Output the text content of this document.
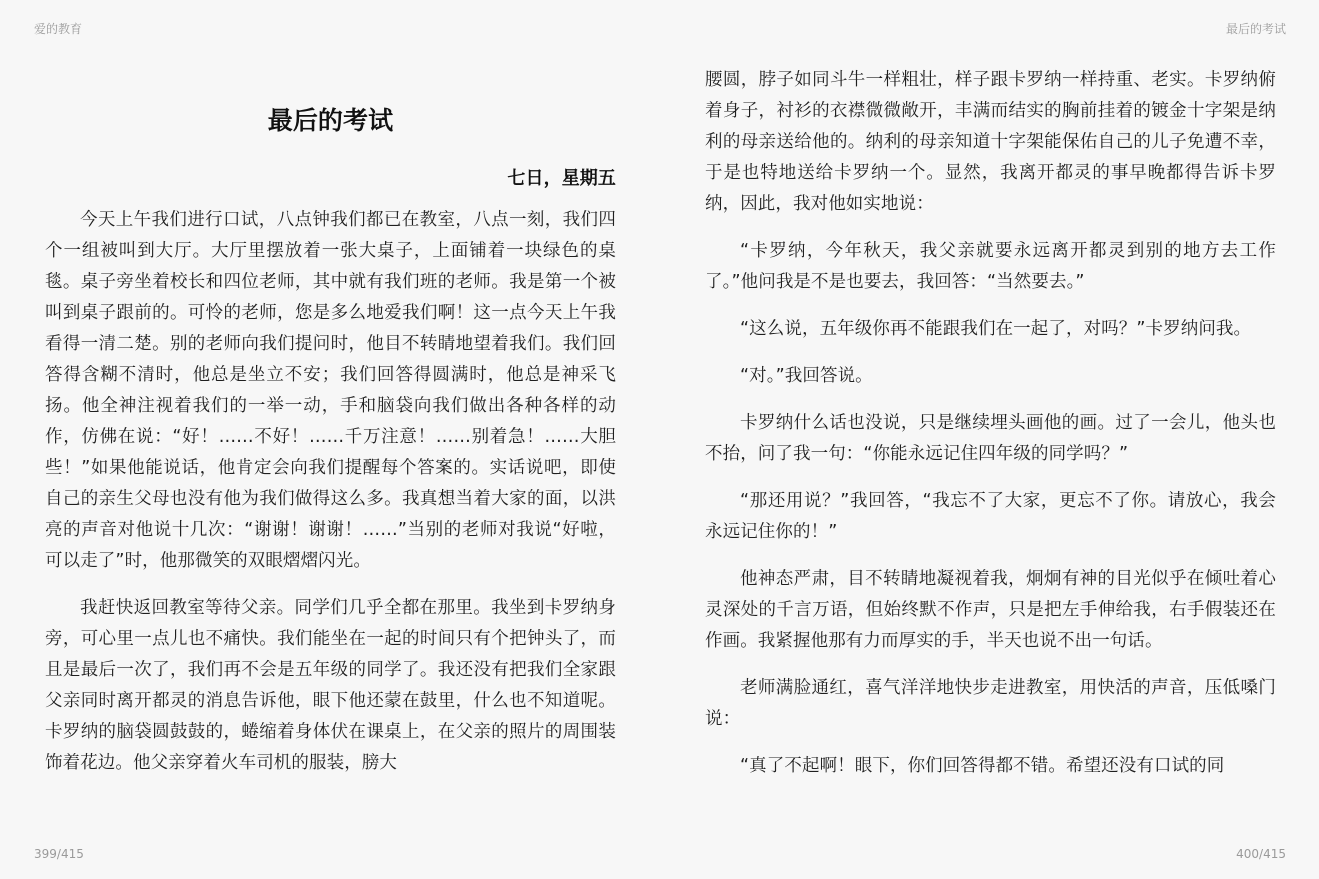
爱的教育	最后的考试
最后的考试
七日，星期五

今天上午我们进行口试，八点钟我们都已在教室，八点一刻，我们四个一组被叫到大厅。大厅里摆放着一张大桌子，上面铺着一块绿色的桌毯。桌子旁坐着校长和四位老师，其中就有我们班的老师。我是第一个被叫到桌子跟前的。可怜的老师，您是多么地爱我们啊！这一点今天上午我看得一清二楚。别的老师向我们提问时，他目不转睛地望着我们。我们回答得含糊不清时，他总是坐立不安；我们回答得圆满时，他总是神采飞扬。他全神注视着我们的一举一动，手和脑袋向我们做出各种各样的动作，仿佛在说：“好！……不好！……千万注意！……别着急！……大胆些！”如果他能说话，他肯定会向我们提醒每个答案的。实话说吧，即使自己的亲生父母也没有他为我们做得这么多。我真想当着大家的面，以洪亮的声音对他说十几次：“谢谢！谢谢！……”当别的老师对我说“好啦，可以走了”时，他那微笑的双眼熠熠闪光。

我赶快返回教室等待父亲。同学们几乎全都在那里。我坐到卡罗纳身旁，可心里一点儿也不痛快。我们能坐在一起的时间只有个把钟头了，而且是最后一次了，我们再不会是五年级的同学了。我还没有把我们全家跟父亲同时离开都灵的消息告诉他，眼下他还蒙在鼓里，什么也不知道呢。卡罗纳的脑袋圆鼓鼓的，蜷缩着身体伏在课桌上，在父亲的照片的周围装饰着花边。他父亲穿着火车司机的服装，膀大

腰圆，脖子如同斗牛一样粗壮，样子跟卡罗纳一样持重、老实。卡罗纳俯着身子，衬衫的衣襟微微敞开，丰满而结实的胸前挂着的镀金十字架是纳利的母亲送给他的。纳利的母亲知道十字架能保佑自己的儿子免遭不幸，于是也特地送给卡罗纳一个。显然，我离开都灵的事早晚都得告诉卡罗纳，因此，我对他如实地说：

“卡罗纳，今年秋天，我父亲就要永远离开都灵到别的地方去工作了。”他问我是不是也要去，我回答：“当然要去。”

“这么说，五年级你再不能跟我们在一起了，对吗？”卡罗纳问我。

“对。”我回答说。

卡罗纳什么话也没说，只是继续埋头画他的画。过了一会儿，他头也不抬，问了我一句：“你能永远记住四年级的同学吗？”

“那还用说？”我回答，“我忘不了大家，更忘不了你。请放心，我会永远记住你的！”

他神态严肃，目不转睛地凝视着我，炯炯有神的目光似乎在倾吐着心灵深处的千言万语，但始终默不作声，只是把左手伸给我，右手假装还在作画。我紧握他那有力而厚实的手，半天也说不出一句话。

老师满脸通红，喜气洋洋地快步走进教室，用快活的声音，压低嗓门说：

“真了不起啊！眼下，你们回答得都不错。希望还没有口试的同

399/415	400/415
